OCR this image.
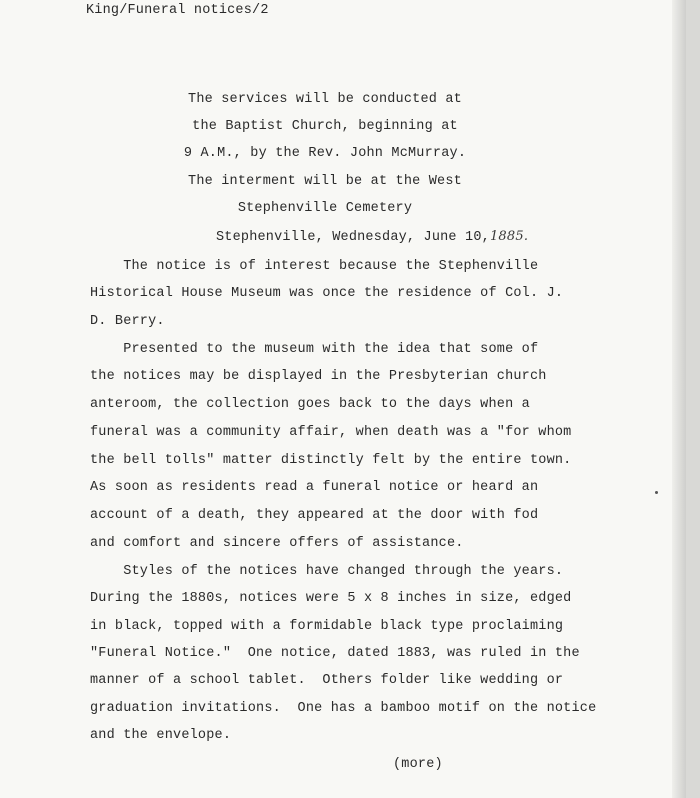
King/Funeral notices/2
The services will be conducted at
the Baptist Church, beginning at
9 A.M., by the Rev. John McMurray.
The interment will be at the West
Stephenville Cemetery
Stephenville, Wednesday, June 10,1885.
The notice is of interest because the Stephenville
Historical House Museum was once the residence of Col. J.
D. Berry.
Presented to the museum with the idea that some of
the notices may be displayed in the Presbyterian church
anteroom, the collection goes back to the days when a
funeral was a community affair, when death was a "for whom
the bell tolls" matter distinctly felt by the entire town.
As soon as residents read a funeral notice or heard an
account of a death, they appeared at the door with fod
and comfort and sincere offers of assistance.
Styles of the notices have changed through the years.
During the 1880s, notices were 5 x 8 inches in size, edged
in black, topped with a formidable black type proclaiming
"Funeral Notice."  One notice, dated 1883, was ruled in the
manner of a school tablet.  Others folder like wedding or
graduation invitations.  One has a bamboo motif on the notice
and the envelope.
(more)
